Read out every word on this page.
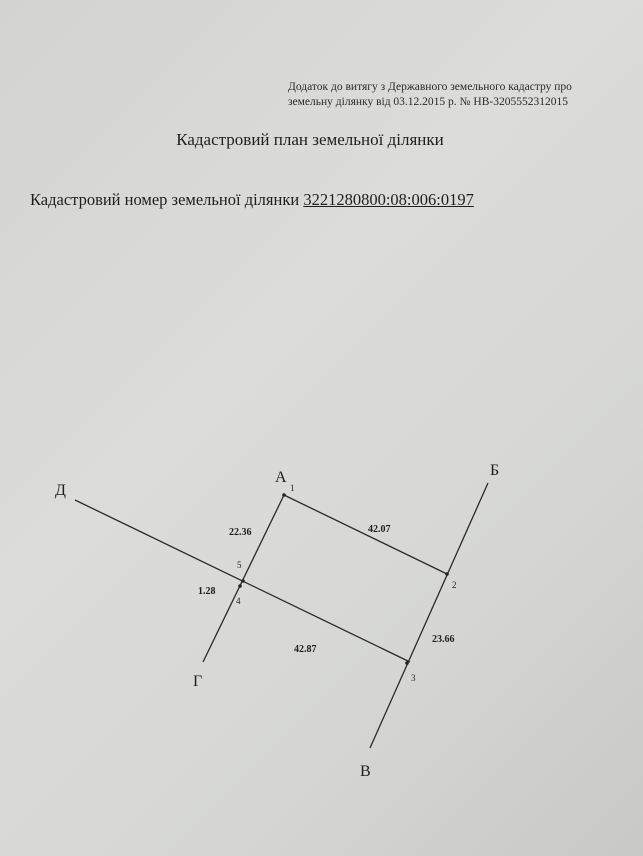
Додаток до витягу з Державного земельного кадастру про
земельну ділянку від 03.12.2015 р. № НВ-3205552312015
Кадастровий план земельної ділянки
Кадастровий номер земельної ділянки 3221280800:08:006:0197
А	Б
В
Г
Д	1
2
3
4
5
42.07
23.66
42.87
1.28
22.36
